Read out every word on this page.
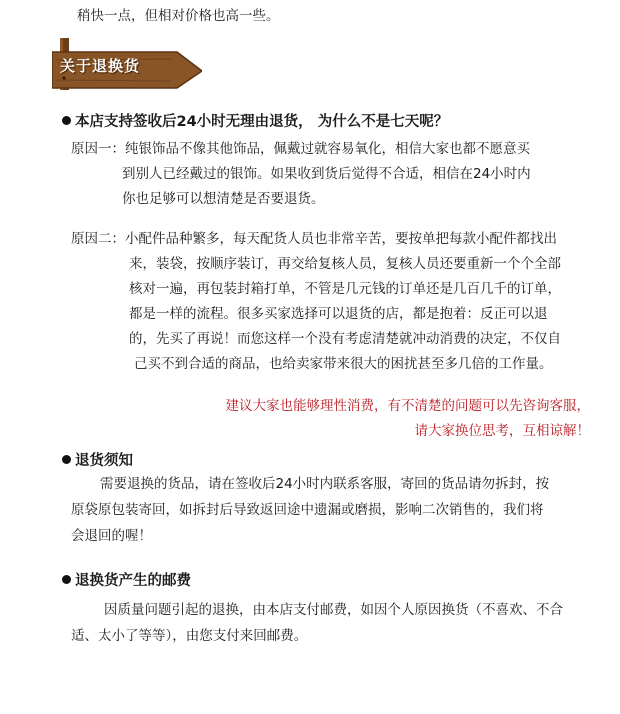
稍快一点，但相对价格也高一些。
关于退换货
本店支持签收后24小时无理由退货， 为什么不是七天呢？
原因一：纯银饰品不像其他饰品，佩戴过就容易氧化，相信大家也都不愿意买
到别人已经戴过的银饰。如果收到货后觉得不合适，相信在24小时内
你也足够可以想清楚是否要退货。
原因二：小配件品种繁多，每天配货人员也非常辛苦，要按单把每款小配件都找出
来，装袋，按顺序装订，再交给复核人员，复核人员还要重新一个个全部
核对一遍，再包装封箱打单，不管是几元钱的订单还是几百几千的订单，
都是一样的流程。很多买家选择可以退货的店，都是抱着：反正可以退
的，先买了再说！而您这样一个没有考虑清楚就冲动消费的决定，不仅自
己买不到合适的商品，也给卖家带来很大的困扰甚至多几倍的工作量。
建议大家也能够理性消费，有不清楚的问题可以先咨询客服，
请大家换位思考，互相谅解！
退货须知
需要退换的货品，请在签收后24小时内联系客服，寄回的货品请勿拆封，按
原袋原包装寄回，如拆封后导致返回途中遗漏或磨损，影响二次销售的，我们将
会退回的喔！
退换货产生的邮费
因质量问题引起的退换，由本店支付邮费，如因个人原因换货（不喜欢、不合
适、太小了等等），由您支付来回邮费。
